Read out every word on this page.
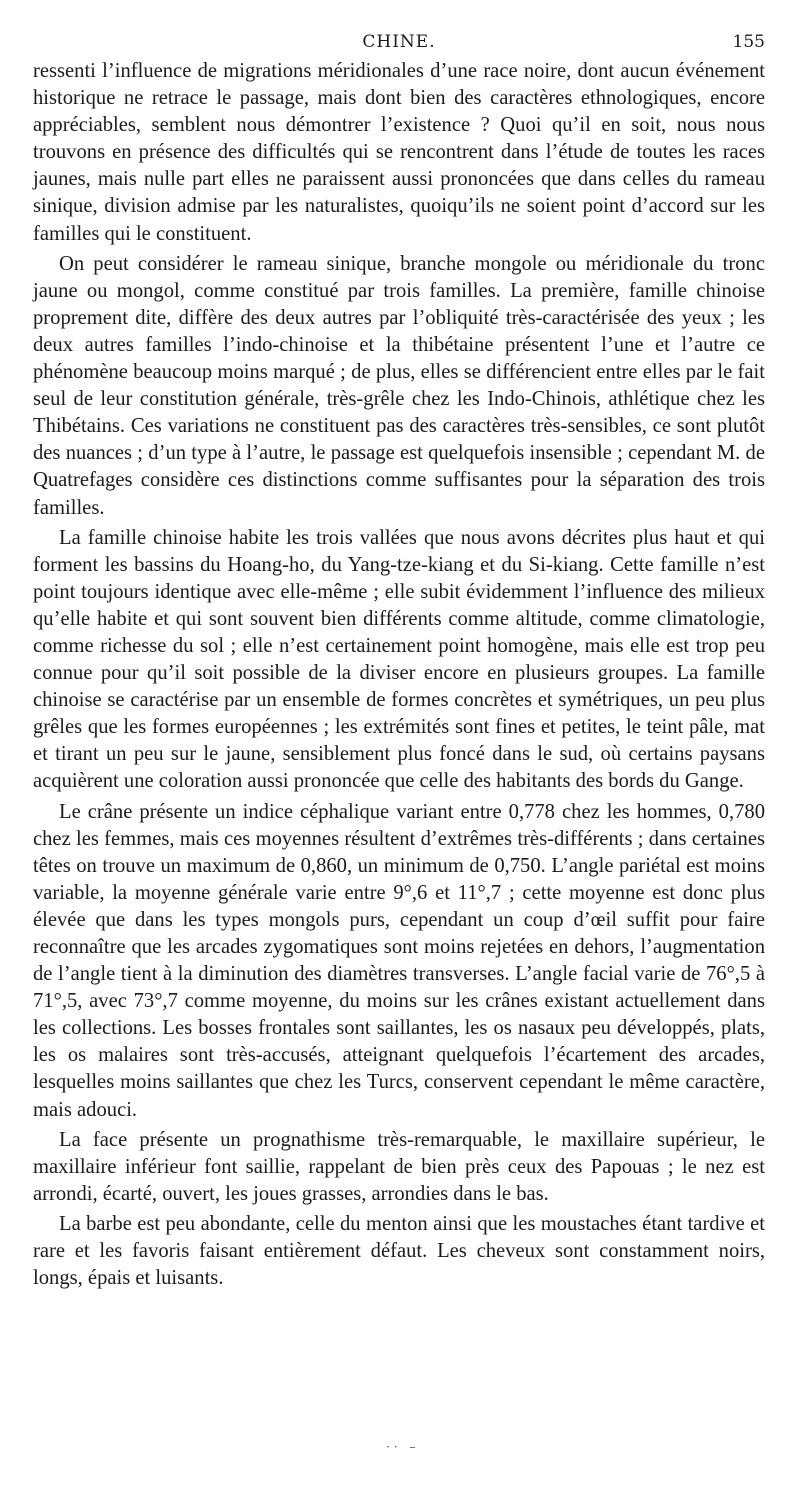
CHINE.	155

ressenti l’influence de migrations méridionales d’une race noire, dont aucun événement historique ne retrace le passage, mais dont bien des caractères ethnologiques, encore appréciables, semblent nous démontrer l’existence ? Quoi qu’il en soit, nous nous trouvons en présence des difficultés qui se rencontrent dans l’étude de toutes les races jaunes, mais nulle part elles ne paraissent aussi prononcées que dans celles du rameau sinique, division admise par les naturalistes, quoiqu’ils ne soient point d’accord sur les familles qui le constituent.

On peut considérer le rameau sinique, branche mongole ou méridionale du tronc jaune ou mongol, comme constitué par trois familles. La première, famille chinoise proprement dite, diffère des deux autres par l’obliquité très-caractérisée des yeux ; les deux autres familles l’indo-chinoise et la thibétaine présentent l’une et l’autre ce phénomène beaucoup moins marqué ; de plus, elles se différencient entre elles par le fait seul de leur constitution générale, très-grêle chez les Indo-Chinois, athlétique chez les Thibétains. Ces variations ne constituent pas des caractères très-sensibles, ce sont plutôt des nuances ; d’un type à l’autre, le passage est quelquefois insensible ; cependant M. de Quatrefages considère ces distinctions comme suffisantes pour la séparation des trois familles.

La famille chinoise habite les trois vallées que nous avons décrites plus haut et qui forment les bassins du Hoang-ho, du Yang-tze-kiang et du Si-kiang. Cette famille n’est point toujours identique avec elle-même ; elle subit évidemment l’influence des milieux qu’elle habite et qui sont souvent bien différents comme altitude, comme climatologie, comme richesse du sol ; elle n’est certainement point homogène, mais elle est trop peu connue pour qu’il soit possible de la diviser encore en plusieurs groupes. La famille chinoise se caractérise par un ensemble de formes concrètes et symétriques, un peu plus grêles que les formes européennes ; les extrémités sont fines et petites, le teint pâle, mat et tirant un peu sur le jaune, sensiblement plus foncé dans le sud, où certains paysans acquièrent une coloration aussi prononcée que celle des habitants des bords du Gange.

Le crâne présente un indice céphalique variant entre 0,778 chez les hommes, 0,780 chez les femmes, mais ces moyennes résultent d’extrêmes très-différents ; dans certaines têtes on trouve un maximum de 0,860, un minimum de 0,750. L’angle pariétal est moins variable, la moyenne générale varie entre 9°,6 et 11°,7 ; cette moyenne est donc plus élevée que dans les types mongols purs, cependant un coup d’œil suffit pour faire reconnaître que les arcades zygomatiques sont moins rejetées en dehors, l’augmentation de l’angle tient à la diminution des diamètres transverses. L’angle facial varie de 76°,5 à 71°,5, avec 73°,7 comme moyenne, du moins sur les crânes existant actuellement dans les collections. Les bosses frontales sont saillantes, les os nasaux peu développés, plats, les os malaires sont très-accusés, atteignant quelquefois l’écartement des arcades, lesquelles moins saillantes que chez les Turcs, conservent cependant le même caractère, mais adouci.

La face présente un prognathisme très-remarquable, le maxillaire supérieur, le maxillaire inférieur font saillie, rappelant de bien près ceux des Papouas ; le nez est arrondi, écarté, ouvert, les joues grasses, arrondies dans le bas.

La barbe est peu abondante, celle du menton ainsi que les moustaches étant tardive et rare et les favoris faisant entièrement défaut. Les cheveux sont constamment noirs, longs, épais et luisants.

·· –
